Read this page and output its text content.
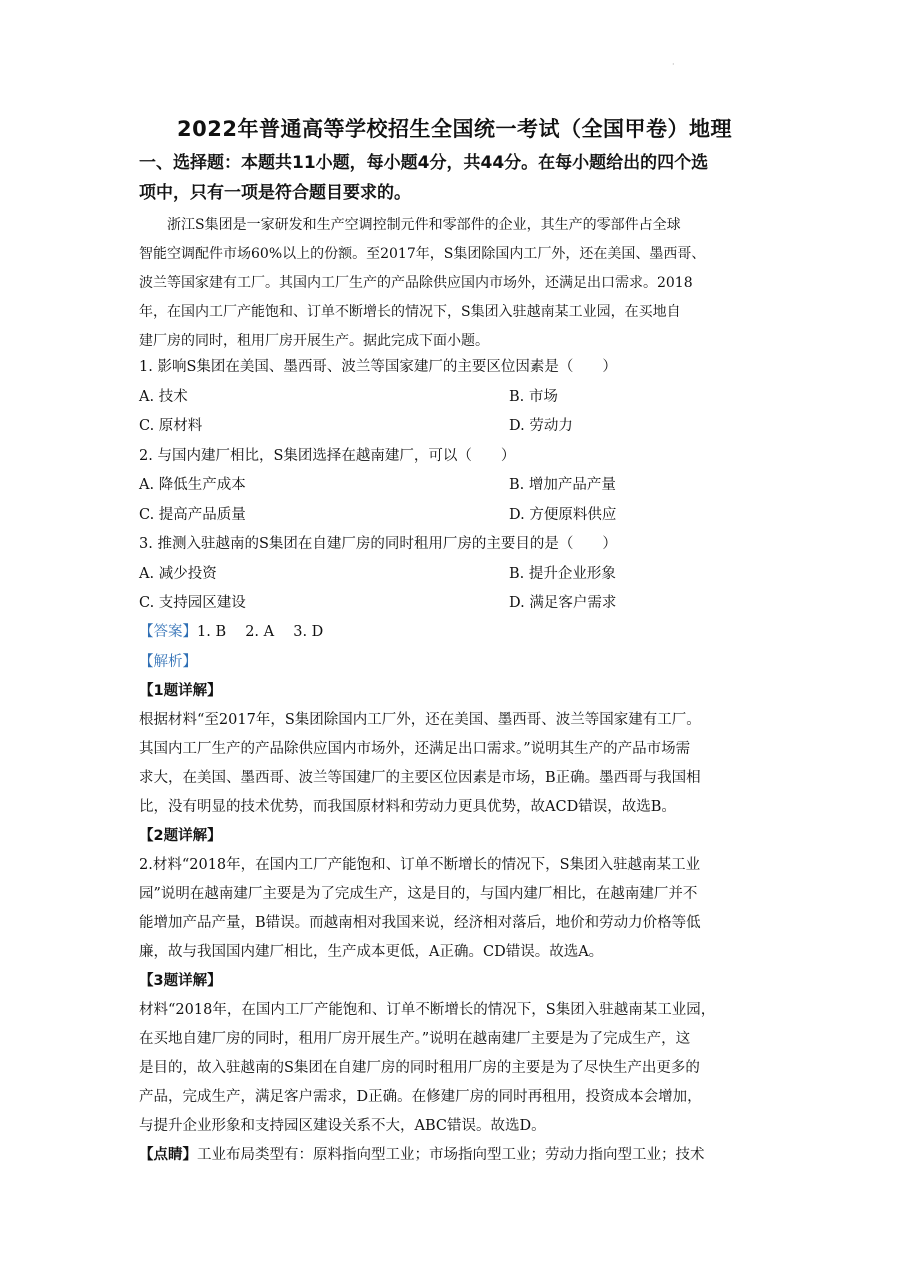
·
2022年普通高等学校招生全国统一考试（全国甲卷）地理
一、选择题：本题共11小题，每小题4分，共44分。在每小题给出的四个选
项中，只有一项是符合题目要求的。
　　浙江S集团是一家研发和生产空调控制元件和零部件的企业，其生产的零部件占全球
智能空调配件市场60%以上的份额。至2017年，S集团除国内工厂外，还在美国、墨西哥、
波兰等国家建有工厂。其国内工厂生产的产品除供应国内市场外，还满足出口需求。2018
年，在国内工厂产能饱和、订单不断增长的情况下，S集团入驻越南某工业园，在买地自
建厂房的同时，租用厂房开展生产。据此完成下面小题。
1. 影响S集团在美国、墨西哥、波兰等国家建厂的主要区位因素是（　　）
A. 技术	B. 市场
C. 原材料	D. 劳动力
2. 与国内建厂相比，S集团选择在越南建厂，可以（　　）
A. 降低生产成本	B. 增加产品产量
C. 提高产品质量	D. 方便原料供应
3. 推测入驻越南的S集团在自建厂房的同时租用厂房的主要目的是（　　）
A. 减少投资	B. 提升企业形象
C. 支持园区建设	D. 满足客户需求
【答案】1. B　 2. A　 3. D
【解析】
【1题详解】
根据材料“至2017年，S集团除国内工厂外，还在美国、墨西哥、波兰等国家建有工厂。
其国内工厂生产的产品除供应国内市场外，还满足出口需求。”说明其生产的产品市场需
求大，在美国、墨西哥、波兰等国建厂的主要区位因素是市场，B正确。墨西哥与我国相
比，没有明显的技术优势，而我国原材料和劳动力更具优势，故ACD错误，故选B。
【2题详解】
2.材料“2018年，在国内工厂产能饱和、订单不断增长的情况下，S集团入驻越南某工业
园”说明在越南建厂主要是为了完成生产，这是目的，与国内建厂相比，在越南建厂并不
能增加产品产量，B错误。而越南相对我国来说，经济相对落后，地价和劳动力价格等低
廉，故与我国国内建厂相比，生产成本更低，A正确。CD错误。故选A。
【3题详解】
材料“2018年，在国内工厂产能饱和、订单不断增长的情况下，S集团入驻越南某工业园，
在买地自建厂房的同时，租用厂房开展生产。”说明在越南建厂主要是为了完成生产，这
是目的，故入驻越南的S集团在自建厂房的同时租用厂房的主要是为了尽快生产出更多的
产品，完成生产，满足客户需求，D正确。在修建厂房的同时再租用，投资成本会增加，
与提升企业形象和支持园区建设关系不大，ABC错误。故选D。
【点睛】工业布局类型有：原料指向型工业；市场指向型工业；劳动力指向型工业；技术
